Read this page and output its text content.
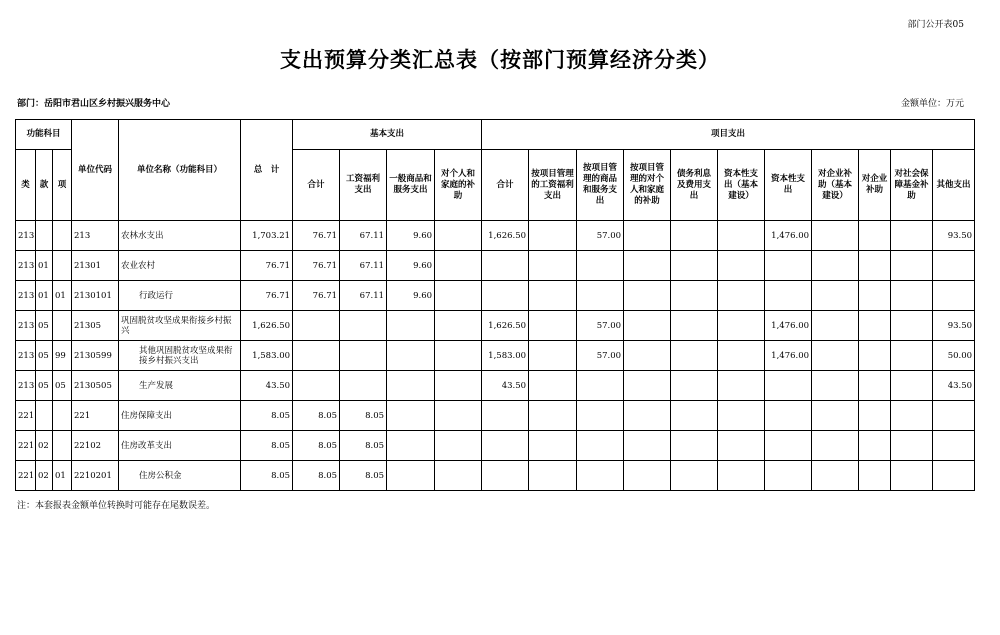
部门公开表05
支出预算分类汇总表（按部门预算经济分类）
部门：岳阳市君山区乡村振兴服务中心	金额单位：万元
功能科目			单位代码	单位名称（功能科目）	总　计	基本支出				项目支出										
类	款	项				合计	工资福利支出	一般商品和服务支出	对个人和家庭的补助	合计	按项目管理的工资福利支出	按项目管理的商品和服务支出	按项目管理的对个人和家庭的补助	债务利息及费用支出	资本性支出（基本建设）	资本性支出	对企业补助（基本建设）	对企业补助	对社会保障基金补助	其他支出
213			213	农林水支出	1,703.21	76.71	67.11	9.60		1,626.50		57.00				1,476.00				93.50
213	01		21301	农业农村	76.71	76.71	67.11	9.60												
213	01	01	2130101	行政运行	76.71	76.71	67.11	9.60												
213	05		21305	巩固脱贫攻坚成果衔接乡村振兴	1,626.50					1,626.50		57.00				1,476.00				93.50
213	05	99	2130599	其他巩固脱贫攻坚成果衔接乡村振兴支出	1,583.00					1,583.00		57.00				1,476.00				50.00
213	05	05	2130505	生产发展	43.50					43.50										43.50
221			221	住房保障支出	8.05	8.05	8.05													
221	02		22102	住房改革支出	8.05	8.05	8.05													
221	02	01	2210201	住房公积金	8.05	8.05	8.05													
注：本套报表金额单位转换时可能存在尾数误差。
